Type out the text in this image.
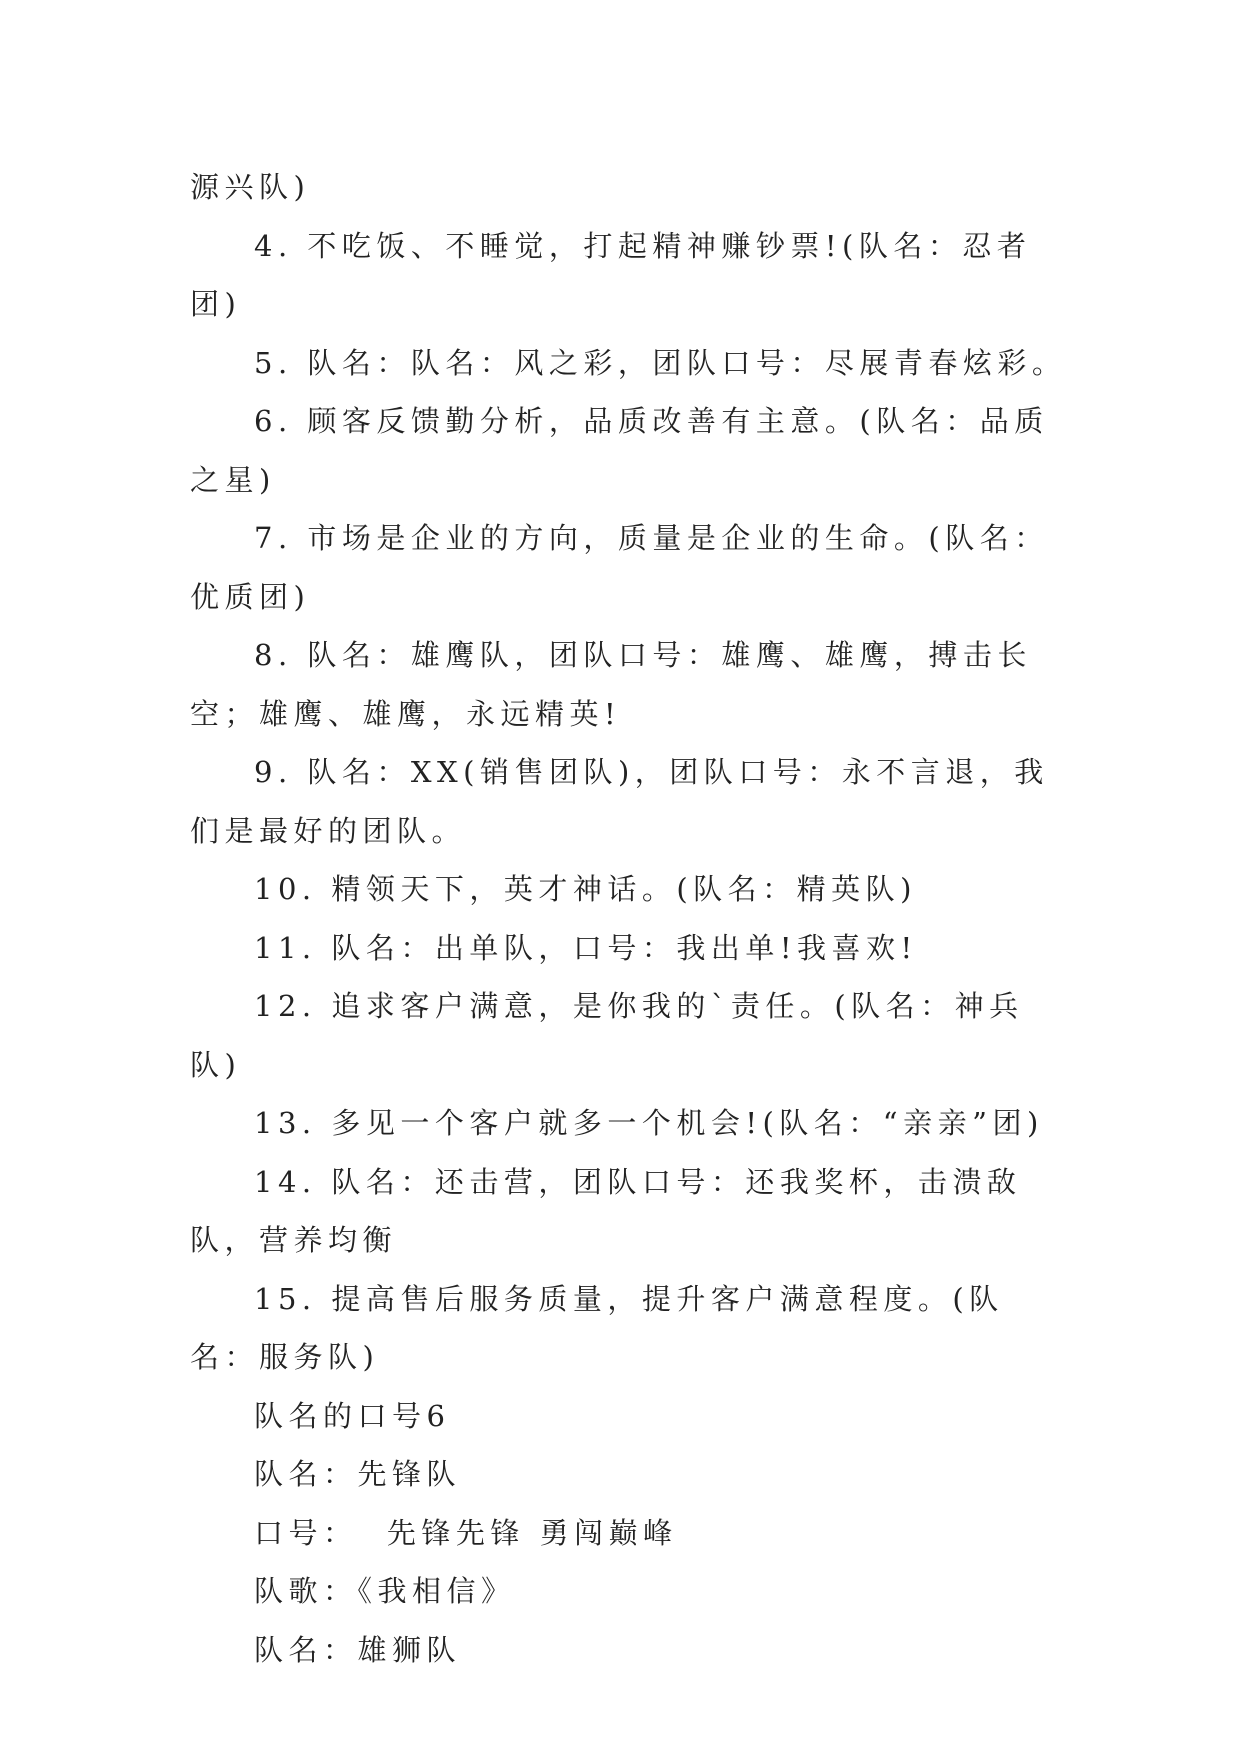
源兴队)

4. 不吃饭、不睡觉，打起精神赚钞票!(队名：忍者团)

5. 队名：队名：风之彩，团队口号：尽展青春炫彩。

6. 顾客反馈勤分析，品质改善有主意。(队名：品质之星)

7. 市场是企业的方向，质量是企业的生命。(队名：优质团)

8. 队名：雄鹰队，团队口号：雄鹰、雄鹰，搏击长空；雄鹰、雄鹰，永远精英!

9. 队名：XX(销售团队)，团队口号：永不言退，我们是最好的团队。

10. 精领天下，英才神话。(队名：精英队)

11. 队名：出单队，口号：我出单!我喜欢!

12. 追求客户满意，是你我的`责任。(队名：神兵队)

13. 多见一个客户就多一个机会!(队名：“亲亲”团)

14. 队名：还击营，团队口号：还我奖杯，击溃敌队，营养均衡

15. 提高售后服务质量，提升客户满意程度。(队名：服务队)

队名的口号6

队名：先锋队

口号：  先锋先锋 勇闯巅峰

队歌：《我相信》

队名：雄狮队
